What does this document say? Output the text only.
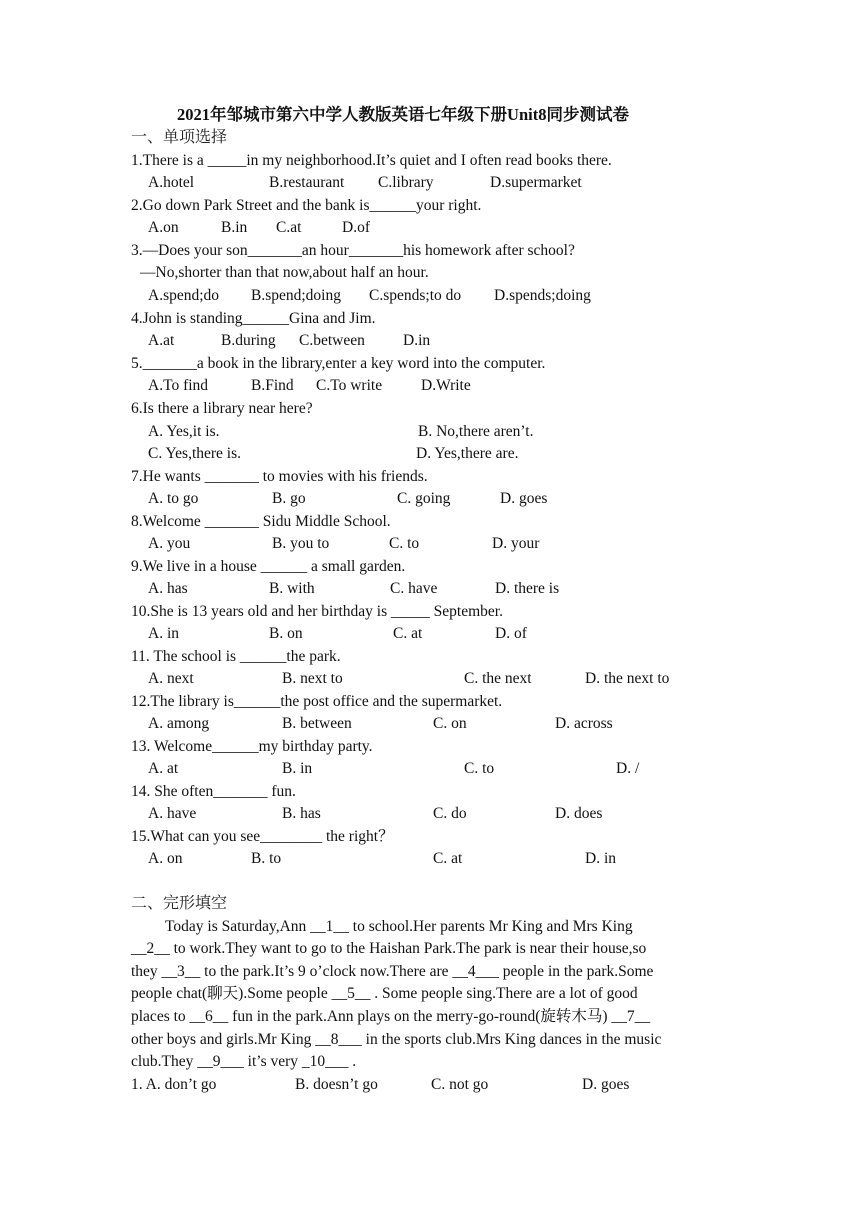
2021年邹城市第六中学人教版英语七年级下册Unit8同步测试卷
一、单项选择
1.There is a _____in my neighborhood.It’s quiet and I often read books there.
A.hotel	B.restaurant C.library	D.supermarket
2.Go down Park Street and the bank is______your right.
A.on	B.in C.at	D.of
3.—Does your son_______an hour_______his homework after school?
—No,shorter than that now,about half an hour.
A.spend;do B.spend;doing C.spends;to do D.spends;doing
4.John is standing______Gina and Jim.
A.at	B.during C.between D.in
5._______a book in the library,enter a key word into the computer.
A.To find	B.Find C.To write	D.Write
6.Is there a library near here?
A. Yes,it is.	B. No,there aren’t.
C. Yes,there is.	D. Yes,there are.
7.He wants _______ to movies with his friends.
A. to go	B. go	C. going	D. goes
8.Welcome _______ Sidu Middle School.
A. you	B. you to	C. to	D. your
9.We live in a house ______ a small garden.
A. has	B. with	C. have	D. there is
10.She is 13 years old and her birthday is _____ September.
A. in	B. on	C. at	D. of
11. The school is ______the park.
A. next	B. next to	C. the next	D. the next to
12.The library is______the post office and the supermarket.
A. among	B. between	C. on	D. across
13. Welcome______my birthday party.
A. at	B. in	C. to	D. /
14. She often_______ fun.
A. have	B. has	C. do	D. does
15.What can you see________ the right？
A. on	B. to	C. at	D. in
二、完形填空
Today is Saturday,Ann __1__ to school.Her parents Mr King and Mrs King
__2__ to work.They want to go to the Haishan Park.The park is near their house,so
they __3__ to the park.It’s 9 o’clock now.There are __4___ people in the park.Some
people chat(聊天).Some people __5__ . Some people sing.There are a lot of good
places to __6__ fun in the park.Ann plays on the merry-go-round(旋转木马) __7__
other boys and girls.Mr King __8___ in the sports club.Mrs King dances in the music
club.They __9___ it’s very _10___ .
1. A. don’t go	B. doesn’t go	C. not go	D. goes
